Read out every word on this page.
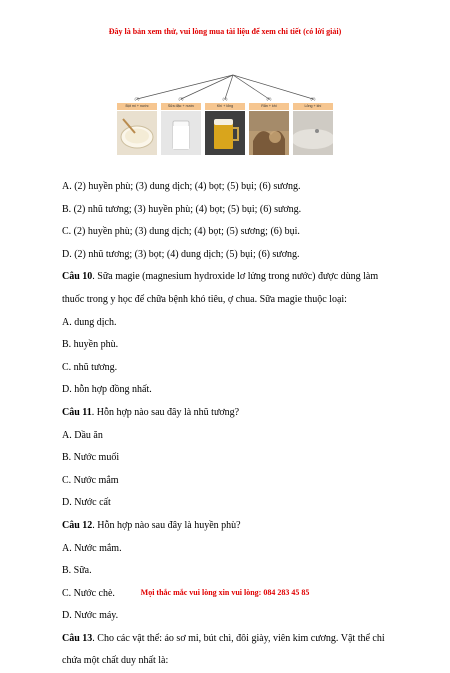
Đây là bản xem thử, vui lòng mua tài liệu để xem chi tiết (có lời giải)
(2)
Bột mì + nước
(3)
Sữa đặc + nước
(4)
Khí + lỏng
(5)
Rắn + khí
(6)
Lỏng + khí
A. (2) huyền phù; (3) dung dịch; (4) bọt; (5) bụi; (6) sương.
B. (2) nhũ tương; (3) huyền phù; (4) bọt; (5) bụi; (6) sương.
C. (2) huyền phù; (3) dung dịch; (4) bọt; (5) sương; (6) bụi.
D. (2) nhũ tương; (3) bọt; (4) dung dịch; (5) bụi; (6) sương.
Câu 10. Sữa magie (magnesium hydroxide lơ lửng trong nước) được dùng làm
thuốc trong y học để chữa bệnh khó tiêu, ợ chua. Sữa magie thuộc loại:
A. dung dịch.
B. huyền phù.
C. nhũ tương.
D. hỗn hợp đồng nhất.
Câu 11. Hỗn hợp nào sau đây là nhũ tương?
A. Dầu ăn
B. Nước muối
C. Nước mắm
D. Nước cất
Câu 12. Hỗn hợp nào sau đây là huyền phù?
A. Nước mắm.
B. Sữa.
C. Nước chè.
D. Nước máy.
Câu 13. Cho các vật thể: áo sơ mi, bút chì, đôi giày, viên kim cương. Vật thể chỉ
chứa một chất duy nhất là:
Mọi thắc mắc vui lòng xin vui lòng: 084 283 45 85
